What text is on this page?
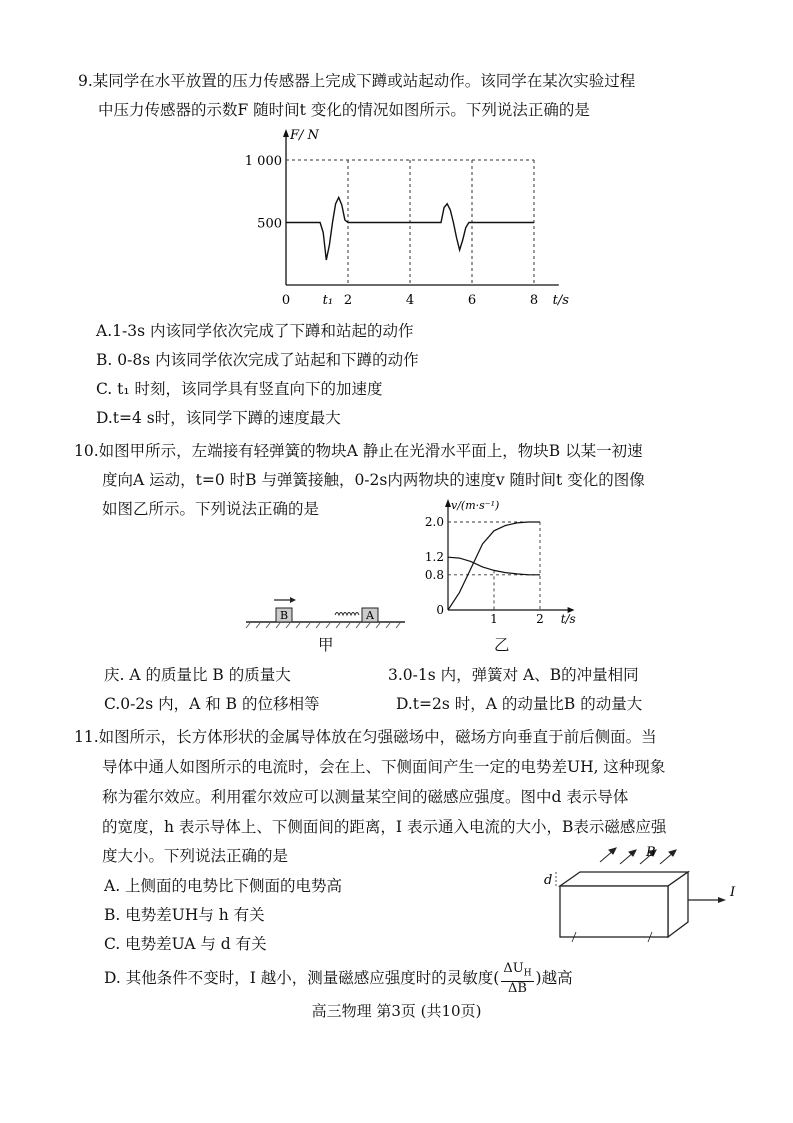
9.某同学在水平放置的压力传感器上完成下蹲或站起动作。该同学在某次实验过程
中压力传感器的示数F 随时间t 变化的情况如图所示。下列说法正确的是
F/ N
t/s
1 000
500
0 t₁ 2	4	6	8
A.1-3s 内该同学依次完成了下蹲和站起的动作
B. 0-8s 内该同学依次完成了站起和下蹲的动作
C. t₁ 时刻，该同学具有竖直向下的加速度
D.t=4 s时，该同学下蹲的速度最大
10.如图甲所示，左端接有轻弹簧的物块A 静止在光滑水平面上，物块B 以某一初速
度向A 运动，t=0 时B 与弹簧接触，0-2s内两物块的速度v 随时间t 变化的图像
如图乙所示。下列说法正确的是
B	A
甲
v/(m·s⁻¹)
t/s
2.0
1.2
0.8
0
1	2
乙
庆. A 的质量比 B 的质量大	3.0-1s 内，弹簧对 A、B的冲量相同
C.0-2s 内，A 和 B 的位移相等	D.t=2s 时，A 的动量比B 的动量大
11.如图所示，长方体形状的金属导体放在匀强磁场中，磁场方向垂直于前后侧面。当
导体中通人如图所示的电流时，会在上、下侧面间产生一定的电势差UH, 这种现象
称为霍尔效应。利用霍尔效应可以测量某空间的磁感应强度。图中d 表示导体
的宽度，h 表示导体上、下侧面间的距离，I 表示通入电流的大小，B表示磁感应强
度大小。下列说法正确的是	B
d
I
A. 上侧面的电势比下侧面的电势高
B. 电势差UH与 h 有关
C. 电势差UA 与 d 有关
D. 其他条件不变时，I 越小，测量磁感应强度时的灵敏度(
$\Delta U_H$
ΔB
)越高
高三物理 第3页 (共10页)
